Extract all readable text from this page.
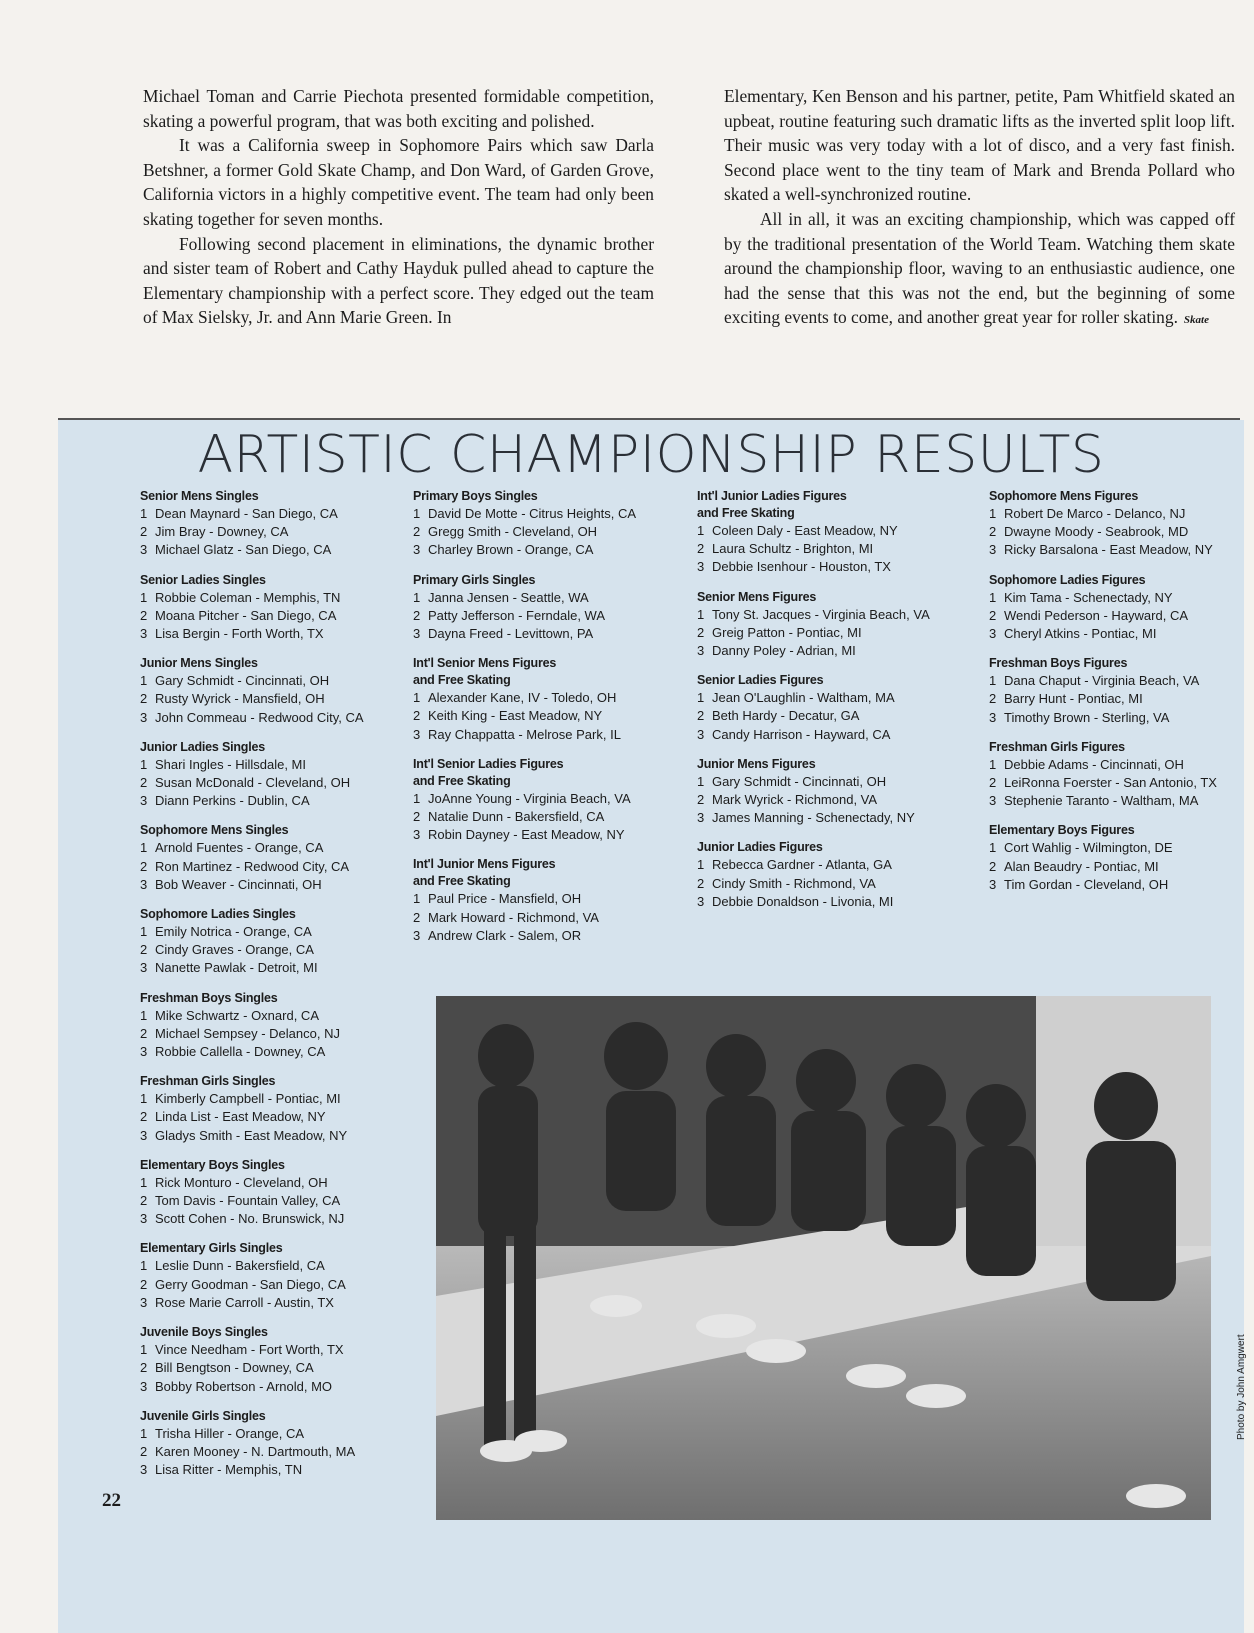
Michael Toman and Carrie Piechota presented formidable competition, skating a powerful program, that was both exciting and polished.

It was a California sweep in Sophomore Pairs which saw Darla Betshner, a former Gold Skate Champ, and Don Ward, of Garden Grove, California victors in a highly competitive event. The team had only been skating together for seven months.

Following second placement in eliminations, the dynamic brother and sister team of Robert and Cathy Hayduk pulled ahead to capture the Elementary championship with a perfect score. They edged out the team of Max Sielsky, Jr. and Ann Marie Green. In

Elementary, Ken Benson and his partner, petite, Pam Whitfield skated an upbeat, routine featuring such dramatic lifts as the inverted split loop lift. Their music was very today with a lot of disco, and a very fast finish. Second place went to the tiny team of Mark and Brenda Pollard who skated a well-synchronized routine.

All in all, it was an exciting championship, which was capped off by the traditional presentation of the World Team. Watching them skate around the championship floor, waving to an enthusiastic audience, one had the sense that this was not the end, but the beginning of some exciting events to come, and another great year for roller skating. Skate

ARTISTIC CHAMPIONSHIP RESULTS
Senior Mens Singles
1 Dean Maynard - San Diego, CA
2 Jim Bray - Downey, CA
3 Michael Glatz - San Diego, CA
Senior Ladies Singles
1 Robbie Coleman - Memphis, TN
2 Moana Pitcher - San Diego, CA
3 Lisa Bergin - Forth Worth, TX
Junior Mens Singles
1 Gary Schmidt - Cincinnati, OH
2 Rusty Wyrick - Mansfield, OH
3 John Commeau - Redwood City, CA
Junior Ladies Singles
1 Shari Ingles - Hillsdale, MI
2 Susan McDonald - Cleveland, OH
3 Diann Perkins - Dublin, CA
Sophomore Mens Singles
1 Arnold Fuentes - Orange, CA
2 Ron Martinez - Redwood City, CA
3 Bob Weaver - Cincinnati, OH
Sophomore Ladies Singles
1 Emily Notrica - Orange, CA
2 Cindy Graves - Orange, CA
3 Nanette Pawlak - Detroit, MI
Freshman Boys Singles
1 Mike Schwartz - Oxnard, CA
2 Michael Sempsey - Delanco, NJ
3 Robbie Callella - Downey, CA
Freshman Girls Singles
1 Kimberly Campbell - Pontiac, MI
2 Linda List - East Meadow, NY
3 Gladys Smith - East Meadow, NY
Elementary Boys Singles
1 Rick Monturo - Cleveland, OH
2 Tom Davis - Fountain Valley, CA
3 Scott Cohen - No. Brunswick, NJ
Elementary Girls Singles
1 Leslie Dunn - Bakersfield, CA
2 Gerry Goodman - San Diego, CA
3 Rose Marie Carroll - Austin, TX
Juvenile Boys Singles
1 Vince Needham - Fort Worth, TX
2 Bill Bengtson - Downey, CA
3 Bobby Robertson - Arnold, MO
Juvenile Girls Singles
1 Trisha Hiller - Orange, CA
2 Karen Mooney - N. Dartmouth, MA
3 Lisa Ritter - Memphis, TN
Primary Boys Singles
1 David De Motte - Citrus Heights, CA
2 Gregg Smith - Cleveland, OH
3 Charley Brown - Orange, CA
Primary Girls Singles
1 Janna Jensen - Seattle, WA
2 Patty Jefferson - Ferndale, WA
3 Dayna Freed - Levittown, PA
Int'l Senior Mens Figures
and Free Skating
1 Alexander Kane, IV - Toledo, OH
2 Keith King - East Meadow, NY
3 Ray Chappatta - Melrose Park, IL
Int'l Senior Ladies Figures
and Free Skating
1 JoAnne Young - Virginia Beach, VA
2 Natalie Dunn - Bakersfield, CA
3 Robin Dayney - East Meadow, NY
Int'l Junior Mens Figures
and Free Skating
1 Paul Price - Mansfield, OH
2 Mark Howard - Richmond, VA
3 Andrew Clark - Salem, OR
Int'l Junior Ladies Figures
and Free Skating
1 Coleen Daly - East Meadow, NY
2 Laura Schultz - Brighton, MI
3 Debbie Isenhour - Houston, TX
Senior Mens Figures
1 Tony St. Jacques - Virginia Beach, VA
2 Greig Patton - Pontiac, MI
3 Danny Poley - Adrian, MI
Senior Ladies Figures
1 Jean O'Laughlin - Waltham, MA
2 Beth Hardy - Decatur, GA
3 Candy Harrison - Hayward, CA
Junior Mens Figures
1 Gary Schmidt - Cincinnati, OH
2 Mark Wyrick - Richmond, VA
3 James Manning - Schenectady, NY
Junior Ladies Figures
1 Rebecca Gardner - Atlanta, GA
2 Cindy Smith - Richmond, VA
3 Debbie Donaldson - Livonia, MI
Sophomore Mens Figures
1 Robert De Marco - Delanco, NJ
2 Dwayne Moody - Seabrook, MD
3 Ricky Barsalona - East Meadow, NY
Sophomore Ladies Figures
1 Kim Tama - Schenectady, NY
2 Wendi Pederson - Hayward, CA
3 Cheryl Atkins - Pontiac, MI
Freshman Boys Figures
1 Dana Chaput - Virginia Beach, VA
2 Barry Hunt - Pontiac, MI
3 Timothy Brown - Sterling, VA
Freshman Girls Figures
1 Debbie Adams - Cincinnati, OH
2 LeiRonna Foerster - San Antonio, TX
3 Stephenie Taranto - Waltham, MA
Elementary Boys Figures
1 Cort Wahlig - Wilmington, DE
2 Alan Beaudry - Pontiac, MI
3 Tim Gordan - Cleveland, OH
Photo by John Amgwert
22
